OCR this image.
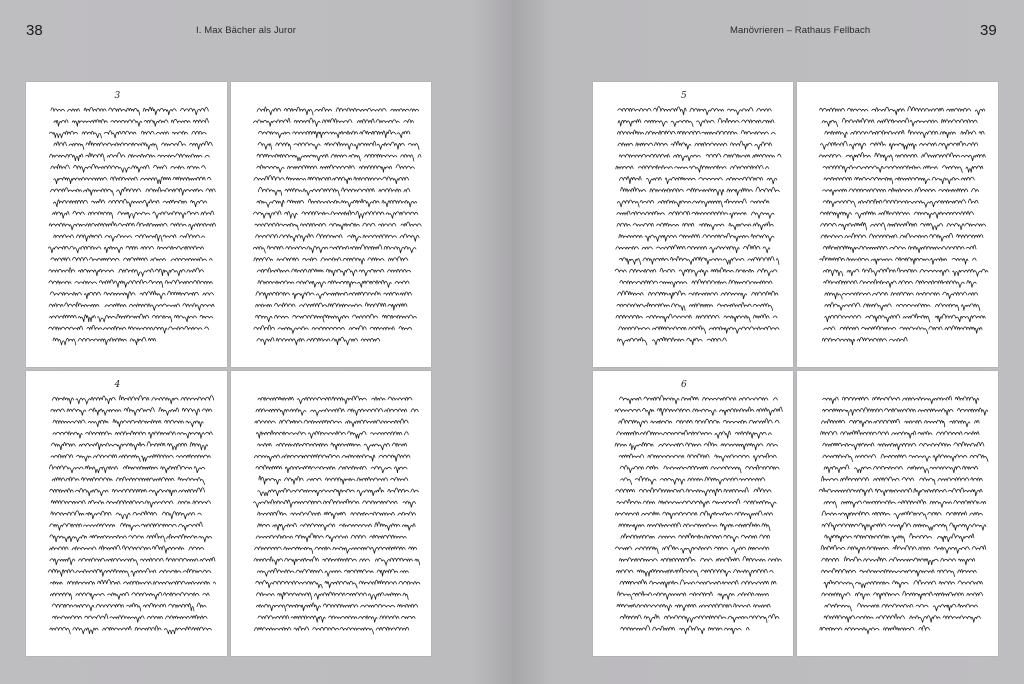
38	I. Max Bächer als Juror
3
4
Manövrieren – Rathaus Fellbach	39
5
6
